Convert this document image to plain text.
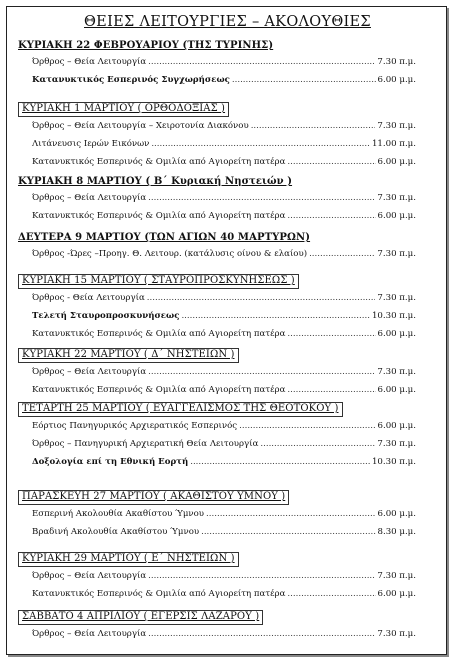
ΘΕΙΕΣ ΛΕΙΤΟΥΡΓΙΕΣ – ΑΚΟΛΟΥΘΙΕΣ
ΚΥΡΙΑΚΗ 22 ΦΕΒΡΟΥΑΡΙΟΥ (ΤΗΣ ΤΥΡΙΝΗΣ)
Όρθρος – Θεία Λειτουργία .....	7.30 π.μ.
Κατανυκτικός Εσπερινός Συγχωρήσεως .....	6.00 μ.μ.
ΚΥΡΙΑΚΗ 1 ΜΑΡΤΙΟΥ ( ΟΡΘΟΔΟΞΙΑΣ )
Όρθρος – Θεία Λειτουργία – Χειροτονία Διακόνου .....	7.30 π.μ.
Λιτάνευσις Ιερών Εικόνων .....	11.00 π.μ.
Κατανυκτικός Εσπερινός & Ομιλία από Αγιορείτη πατέρα .....	6.00 μ.μ.
ΚΥΡΙΑΚΗ 8 ΜΑΡΤΙΟΥ ( Β΄ Κυριακή Νηστειών )
Όρθρος – Θεία Λειτουργία .....	7.30 π.μ.
Κατανυκτικός Εσπερινός & Ομιλία από Αγιορείτη πατέρα .....	6.00 μ.μ.
ΔΕΥΤΕΡΑ 9 ΜΑΡΤΙΟΥ (ΤΩΝ ΑΓΙΩΝ 40 ΜΑΡΤΥΡΩΝ)
Όρθρος -Ώρες –Προηγ. Θ. Λειτουρ. (κατάλυσις οίνου & ελαίου) .....	7.30 π.μ.
ΚΥΡΙΑΚΗ 15 ΜΑΡΤΙΟΥ ( ΣΤΑΥΡΟΠΡΟΣΚΥΝΗΣΕΩΣ )
Όρθρος - Θεία Λειτουργία .....	7.30 π.μ.
Τελετή Σταυροπροσκυνήσεως .....	10.30 π.μ.
Κατανυκτικός Εσπερινός & Ομιλία από Αγιορείτη πατέρα .....	6.00 μ.μ.
ΚΥΡΙΑΚΗ 22 ΜΑΡΤΙΟΥ ( Δ΄ ΝΗΣΤΕΙΩΝ )
Όρθρος – Θεία Λειτουργία .....	7.30 π.μ.
Κατανυκτικός Εσπερινός & Ομιλία από Αγιορείτη πατέρα .....	6.00 μ.μ.
ΤΕΤΑΡΤΗ 25 ΜΑΡΤΙΟΥ ( ΕΥΑΓΓΕΛΙΣΜΟΣ ΤΗΣ ΘΕΟΤΟΚΟΥ )
Εόρτιος Πανηγυρικός Αρχιερατικός Εσπερινός .....	6.00 μ.μ.
Όρθρος – Πανηγυρική Αρχιερατική Θεία Λειτουργία .....	7.30 π.μ.
Δοξολογία επί τη Εθνική Εορτή .....	10.30 π.μ.
ΠΑΡΑΣΚΕΥΗ 27 ΜΑΡΤΙΟΥ ( ΑΚΑΘΙΣΤΟΥ ΥΜΝΟΥ )
Εσπερινή Ακολουθία Ακαθίστου Ύμνου .....	6.00 μ.μ.
Βραδινή Ακολουθία Ακαθίστου Ύμνου .....	8.30 μ.μ.
ΚΥΡΙΑΚΗ 29 ΜΑΡΤΙΟΥ ( Ε΄ ΝΗΣΤΕΙΩΝ )
Όρθρος – Θεία Λειτουργία .....	7.30 π.μ.
Κατανυκτικός Εσπερινός & Ομιλία από Αγιορείτη πατέρα .....	6.00 μ.μ.
ΣΑΒΒΑΤΟ 4 ΑΠΡΙΛΙΟΥ ( ΕΓΕΡΣΙΣ ΛΑΖΑΡΟΥ )
Όρθρος – Θεία Λειτουργία .....	7.30 π.μ.
